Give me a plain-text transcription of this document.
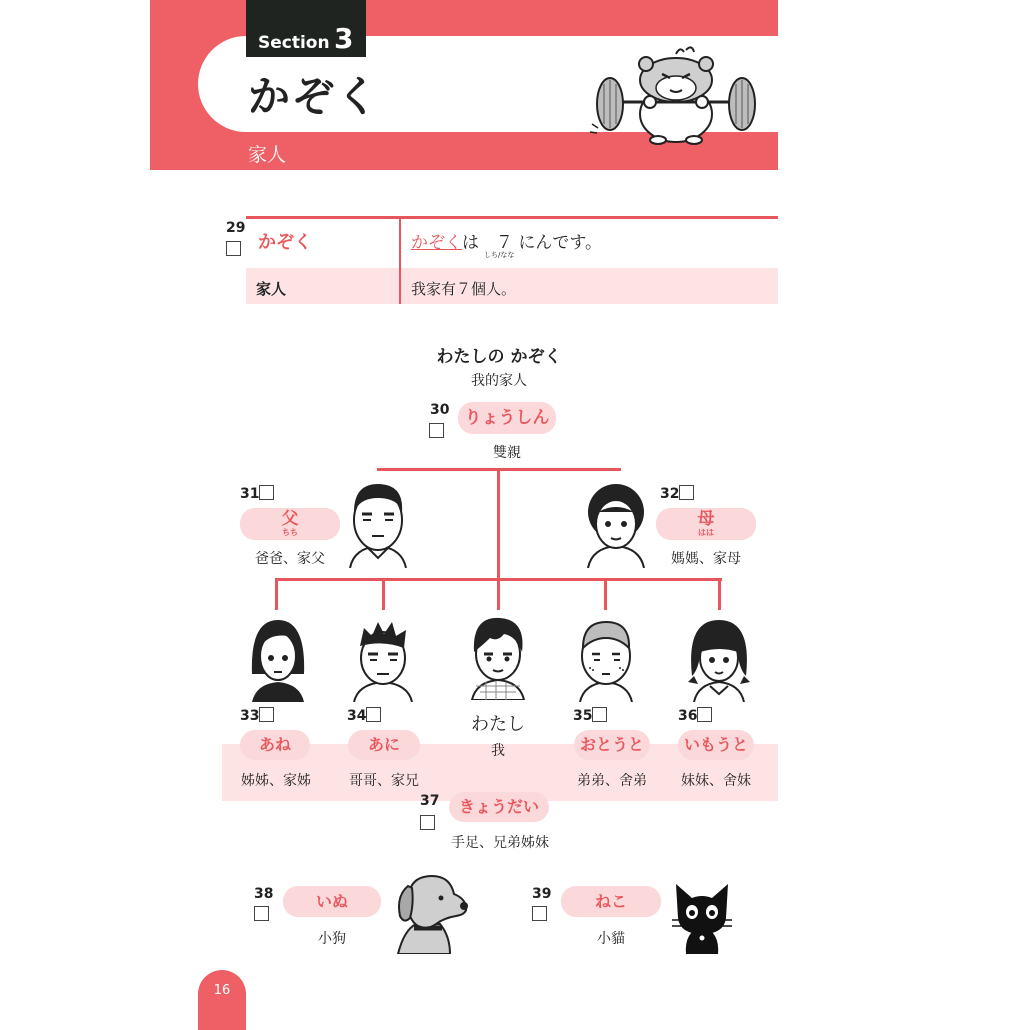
Section 3
かぞく
家人
29
かぞく	かぞくは　７ にんです。
しち/なな
家人	我家有７個人。
わたしの かぞく
我的家人
30 りょうしん
雙親
31
父
ちち
爸爸、家父
32
母
はは
媽媽、家母
33
あね
姊姊、家姊
34
あに
哥哥、家兄
わたし
我
35
おとうと
弟弟、舍弟
36
いもうと
妹妹、舍妹
37	きょうだい
手足、兄弟姊妹
38	いぬ
小狗
39	ねこ
小貓
16
